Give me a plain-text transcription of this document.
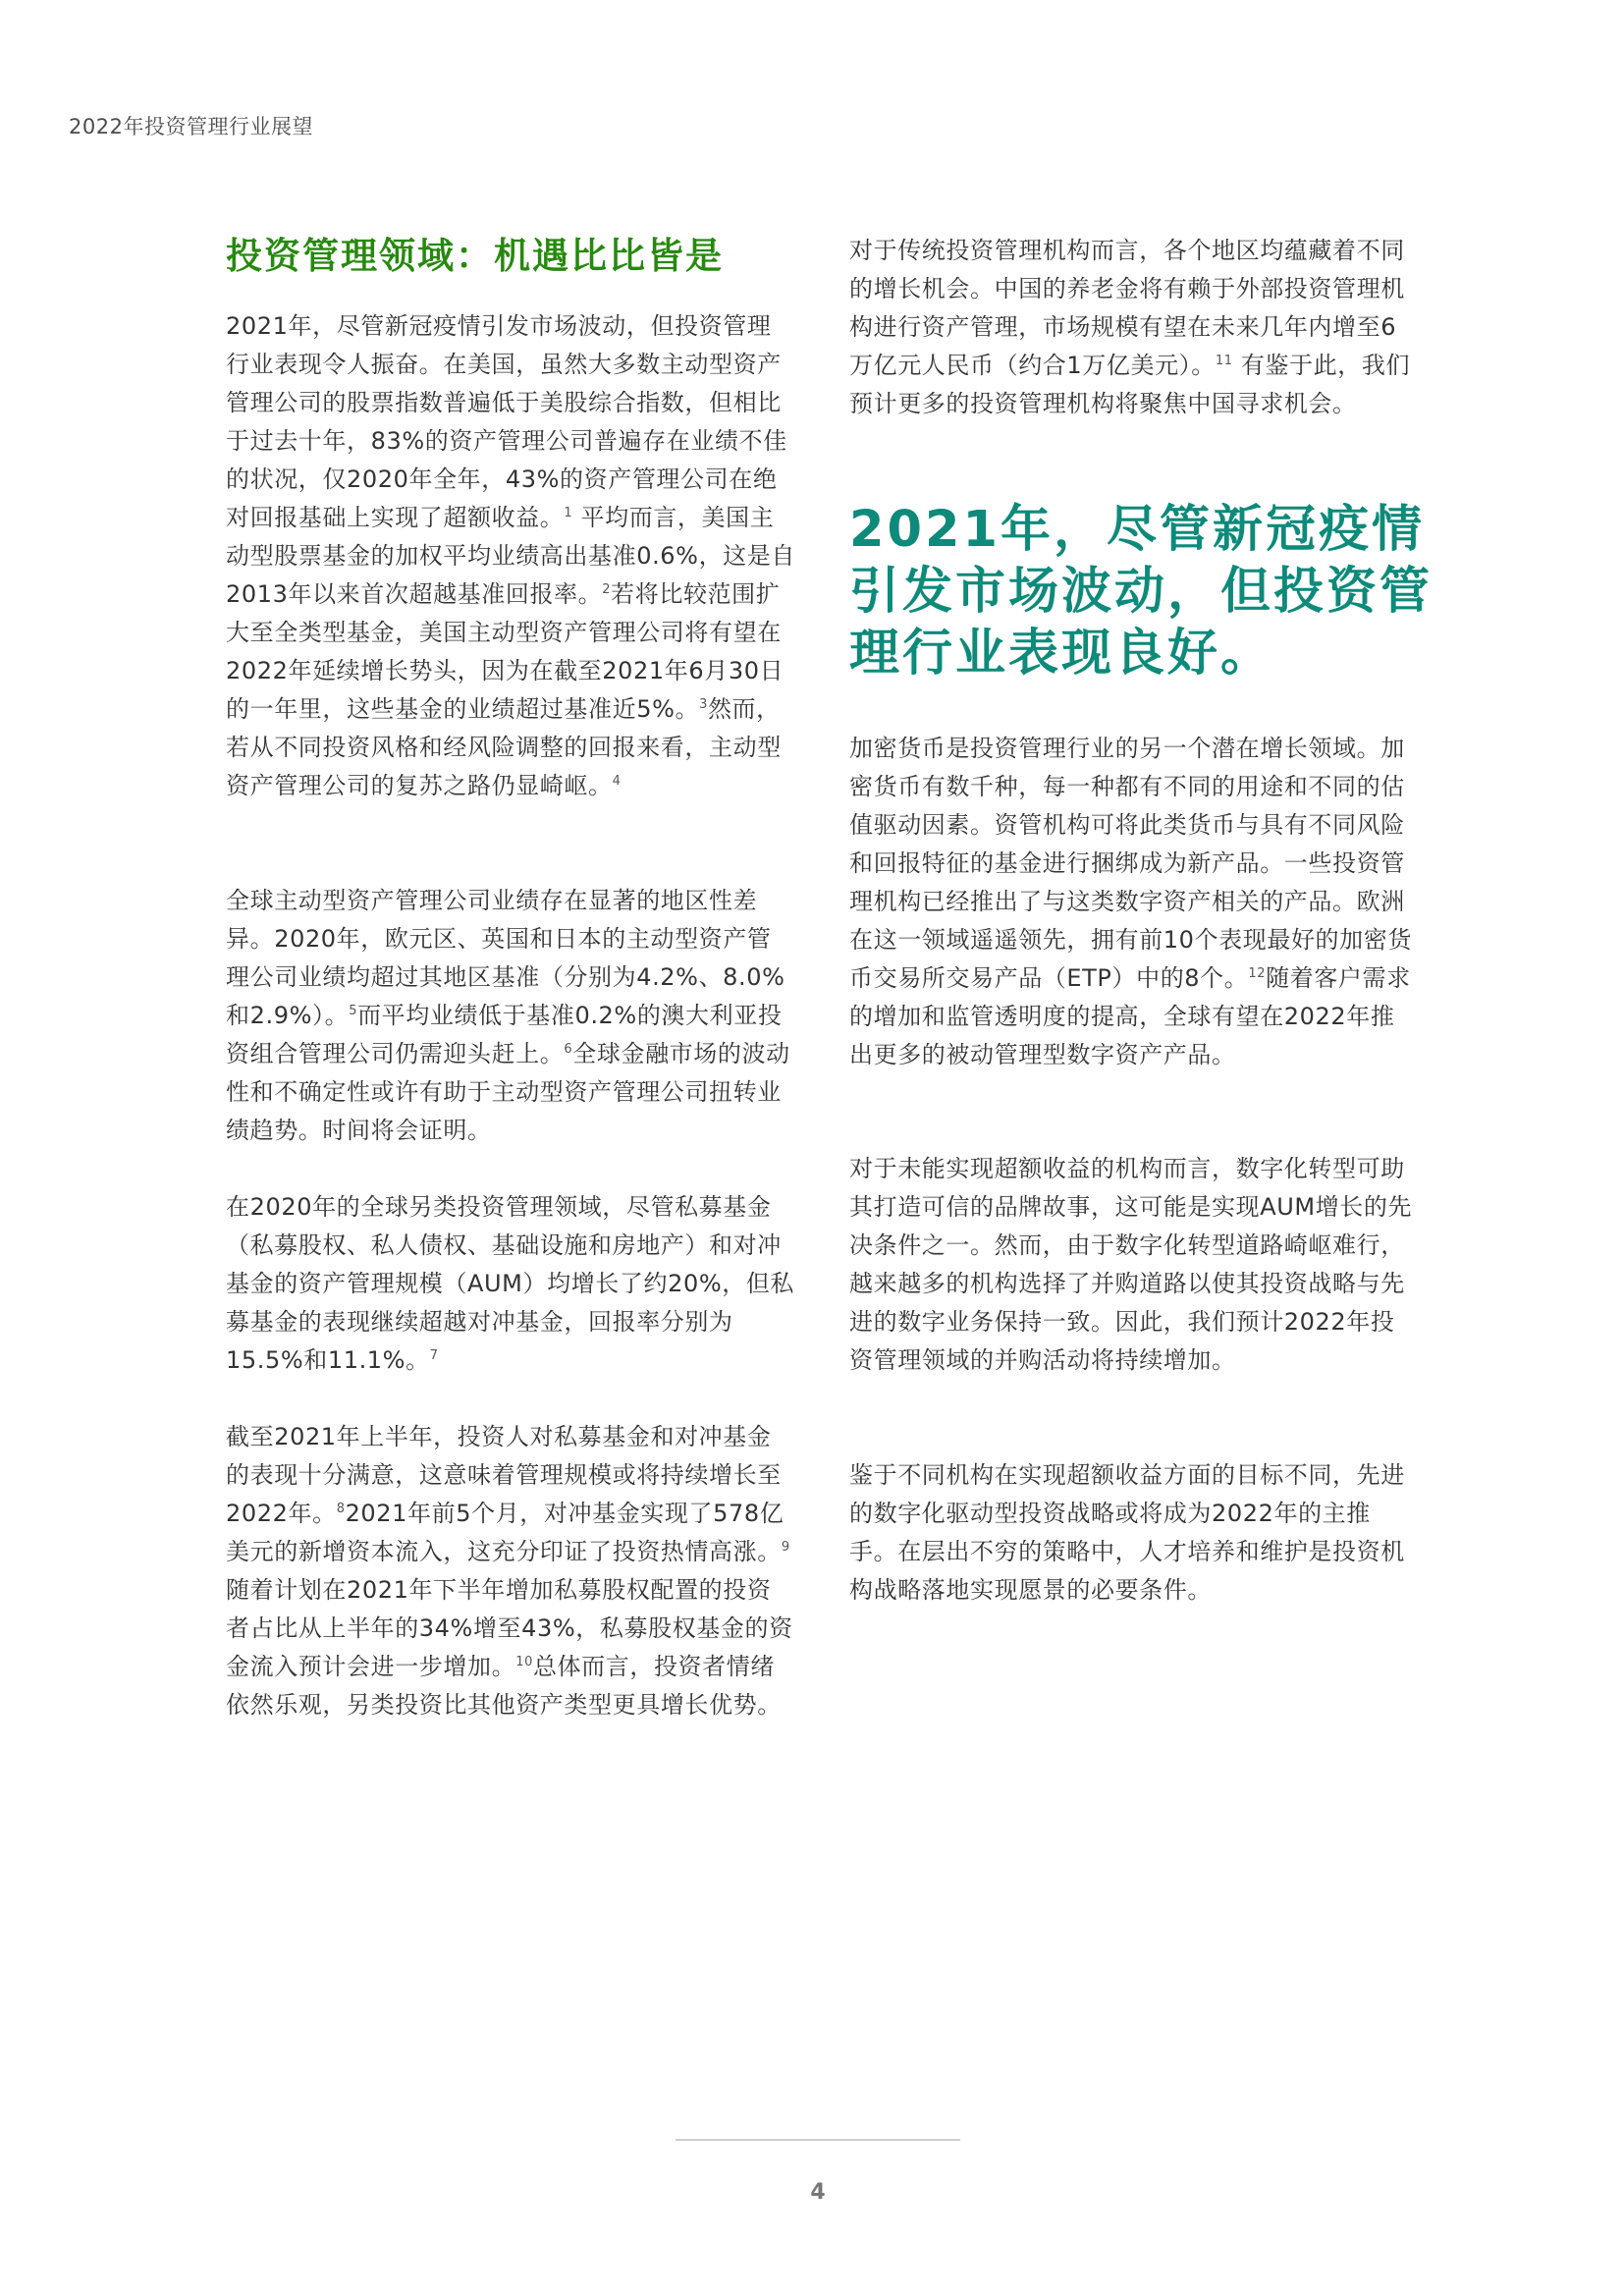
2022年投资管理行业展望
投资管理领域：机遇比比皆是

2021年，尽管新冠疫情引发市场波动，但投资管理行业表现令人振奋。在美国，虽然大多数主动型资产管理公司的股票指数普遍低于美股综合指数，但相比于过去十年，83%的资产管理公司普遍存在业绩不佳的状况，仅2020年全年，43%的资产管理公司在绝对回报基础上实现了超额收益。$^1$ 平均而言，美国主动型股票基金的加权平均业绩高出基准0.6%，这是自2013年以来首次超越基准回报率。$^2$若将比较范围扩大至全类型基金，美国主动型资产管理公司将有望在2022年延续增长势头，因为在截至2021年6月30日的一年里，这些基金的业绩超过基准近5%。$^3$然而，若从不同投资风格和经风险调整的回报来看，主动型资产管理公司的复苏之路仍显崎岖。$^4$

全球主动型资产管理公司业绩存在显著的地区性差异。2020年，欧元区、英国和日本的主动型资产管理公司业绩均超过其地区基准（分别为4.2%、8.0%和2.9%）。$^5$而平均业绩低于基准0.2%的澳大利亚投资组合管理公司仍需迎头赶上。$^6$全球金融市场的波动性和不确定性或许有助于主动型资产管理公司扭转业绩趋势。时间将会证明。

在2020年的全球另类投资管理领域，尽管私募基金（私募股权、私人债权、基础设施和房地产）和对冲基金的资产管理规模（AUM）均增长了约20%，但私募基金的表现继续超越对冲基金，回报率分别为15.5%和11.1%。$^7$

截至2021年上半年，投资人对私募基金和对冲基金的表现十分满意，这意味着管理规模或将持续增长至2022年。$^8$2021年前5个月，对冲基金实现了578亿美元的新增资本流入，这充分印证了投资热情高涨。$^9$随着计划在2021年下半年增加私募股权配置的投资者占比从上半年的34%增至43%，私募股权基金的资金流入预计会进一步增加。$^{10}$总体而言，投资者情绪依然乐观，另类投资比其他资产类型更具增长优势。

对于传统投资管理机构而言，各个地区均蕴藏着不同的增长机会。中国的养老金将有赖于外部投资管理机构进行资产管理，市场规模有望在未来几年内增至6万亿元人民币（约合1万亿美元）。$^{11}$ 有鉴于此，我们预计更多的投资管理机构将聚焦中国寻求机会。

2021年，尽管新冠疫情引发市场波动，但投资管理行业表现良好。

加密货币是投资管理行业的另一个潜在增长领域。加密货币有数千种，每一种都有不同的用途和不同的估值驱动因素。资管机构可将此类货币与具有不同风险和回报特征的基金进行捆绑成为新产品。一些投资管理机构已经推出了与这类数字资产相关的产品。欧洲在这一领域遥遥领先，拥有前10个表现最好的加密货币交易所交易产品（ETP）中的8个。$^{12}$随着客户需求的增加和监管透明度的提高，全球有望在2022年推出更多的被动管理型数字资产产品。

对于未能实现超额收益的机构而言，数字化转型可助其打造可信的品牌故事，这可能是实现AUM增长的先决条件之一。然而，由于数字化转型道路崎岖难行，越来越多的机构选择了并购道路以使其投资战略与先进的数字业务保持一致。因此，我们预计2022年投资管理领域的并购活动将持续增加。

鉴于不同机构在实现超额收益方面的目标不同，先进的数字化驱动型投资战略或将成为2022年的主推手。在层出不穷的策略中，人才培养和维护是投资机构战略落地实现愿景的必要条件。

4
